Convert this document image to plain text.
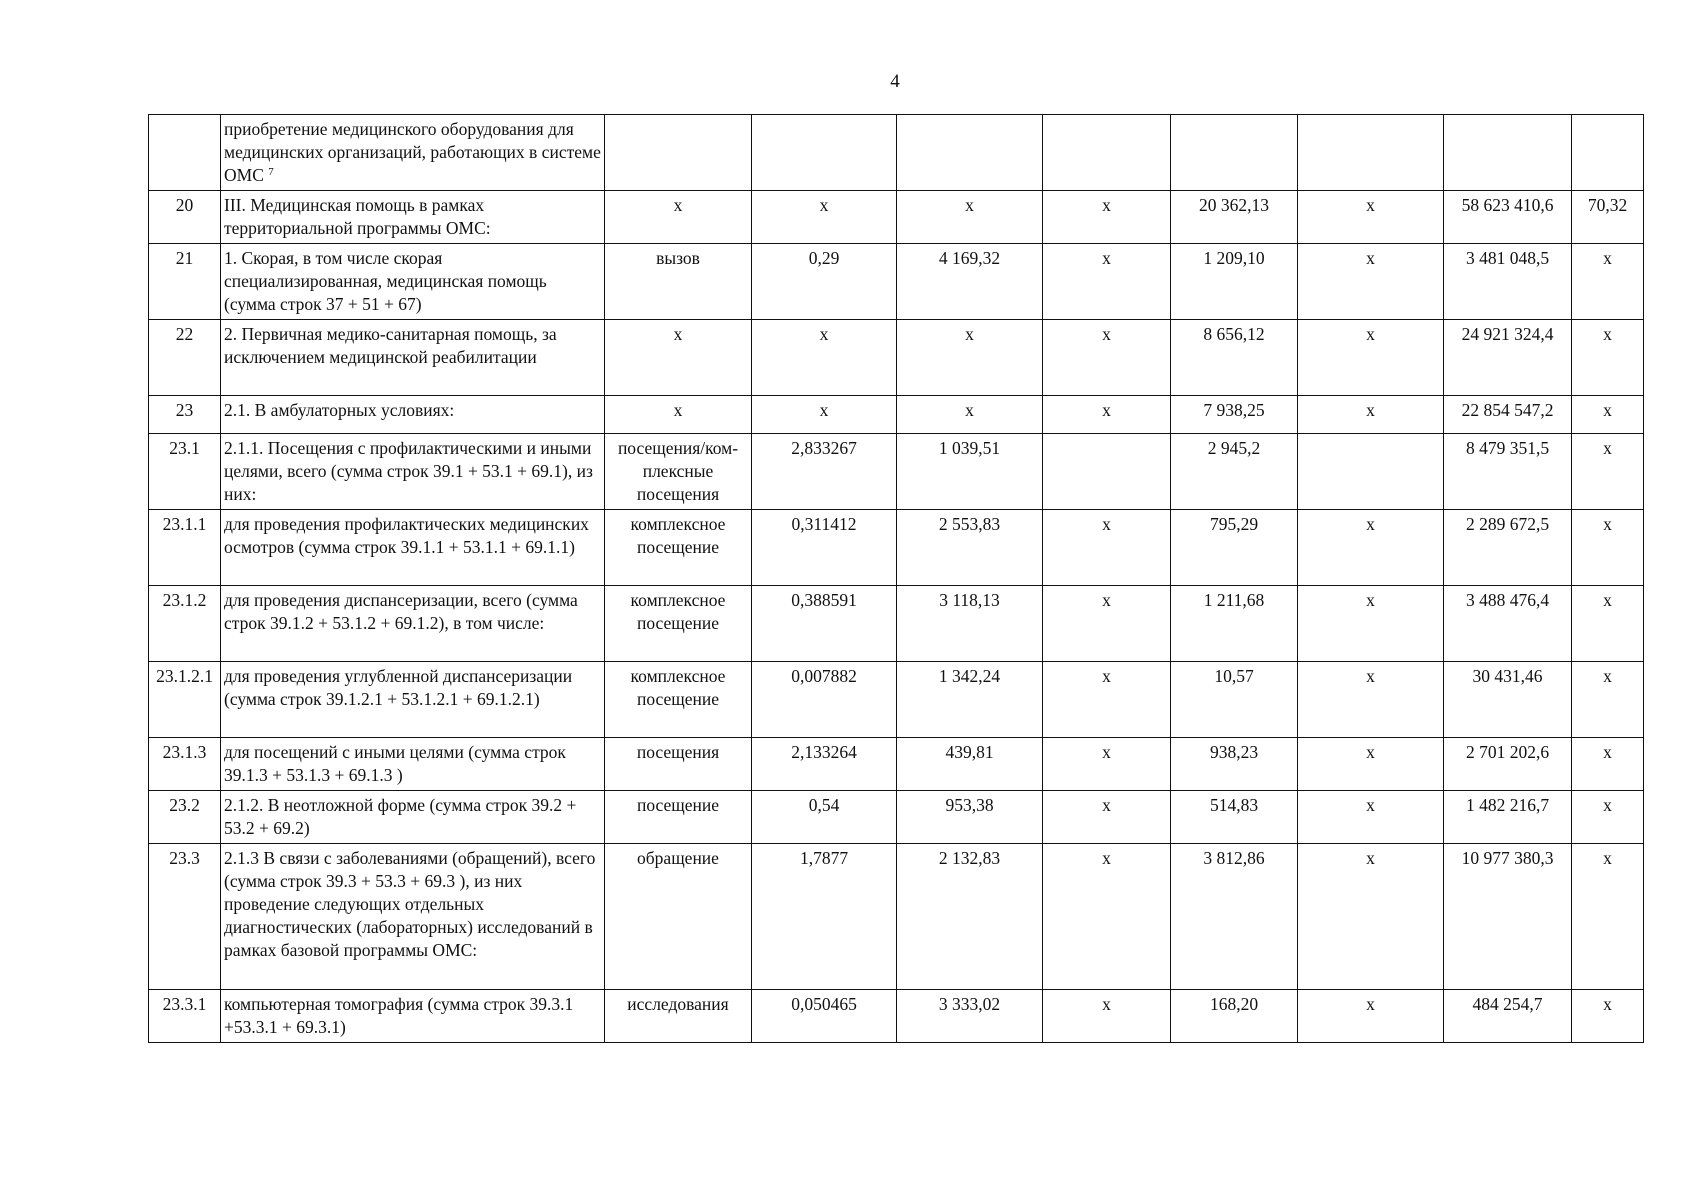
4
	приобретение медицинского оборудования для медицинских организаций, работающих в системе ОМС $^7$								
20	III. Медицинская помощь в рамках территориальной программы ОМС:	х	х	х	х	20 362,13	х	58 623 410,6	70,32
21	1. Скорая, в том числе скорая специализированная, медицинская помощь (сумма строк 37 + 51 + 67)	вызов	0,29	4 169,32	х	1 209,10	х	3 481 048,5	х
22	2. Первичная медико-санитарная помощь, за исключением медицинской реабилитации	х	х	х	х	8 656,12	х	24 921 324,4	х
23	2.1. В амбулаторных условиях:	х	х	х	х	7 938,25	х	22 854 547,2	х
23.1	2.1.1. Посещения с профилактическими и иными целями, всего (сумма строк 39.1 + 53.1 + 69.1), из них:	посещения/ком-плексные посещения	2,833267	1 039,51		2 945,2		8 479 351,5	х
23.1.1	для проведения профилактических медицинских осмотров (сумма строк 39.1.1 + 53.1.1 + 69.1.1)	комплексное посещение	0,311412	2 553,83	х	795,29	х	2 289 672,5	х
23.1.2	для проведения диспансеризации, всего (сумма строк 39.1.2 + 53.1.2 + 69.1.2), в том числе:	комплексное посещение	0,388591	3 118,13	х	1 211,68	х	3 488 476,4	х
23.1.2.1	для проведения углубленной диспансеризации (сумма строк 39.1.2.1 + 53.1.2.1 + 69.1.2.1)	комплексное посещение	0,007882	1 342,24	х	10,57	х	30 431,46	х
23.1.3	для посещений с иными целями (сумма строк 39.1.3 + 53.1.3 + 69.1.3 )	посещения	2,133264	439,81	х	938,23	х	2 701 202,6	х
23.2	2.1.2. В неотложной форме (сумма строк 39.2 + 53.2 + 69.2)	посещение	0,54	953,38	х	514,83	х	1 482 216,7	х
23.3	2.1.3 В связи с заболеваниями (обращений), всего (сумма строк 39.3 + 53.3 + 69.3 ), из них проведение следующих отдельных диагностических (лабораторных) исследований в рамках базовой программы ОМС:	обращение	1,7877	2 132,83	х	3 812,86	х	10 977 380,3	х
23.3.1	компьютерная томография (сумма строк 39.3.1 +53.3.1 + 69.3.1)	исследования	0,050465	3 333,02	х	168,20	х	484 254,7	х
